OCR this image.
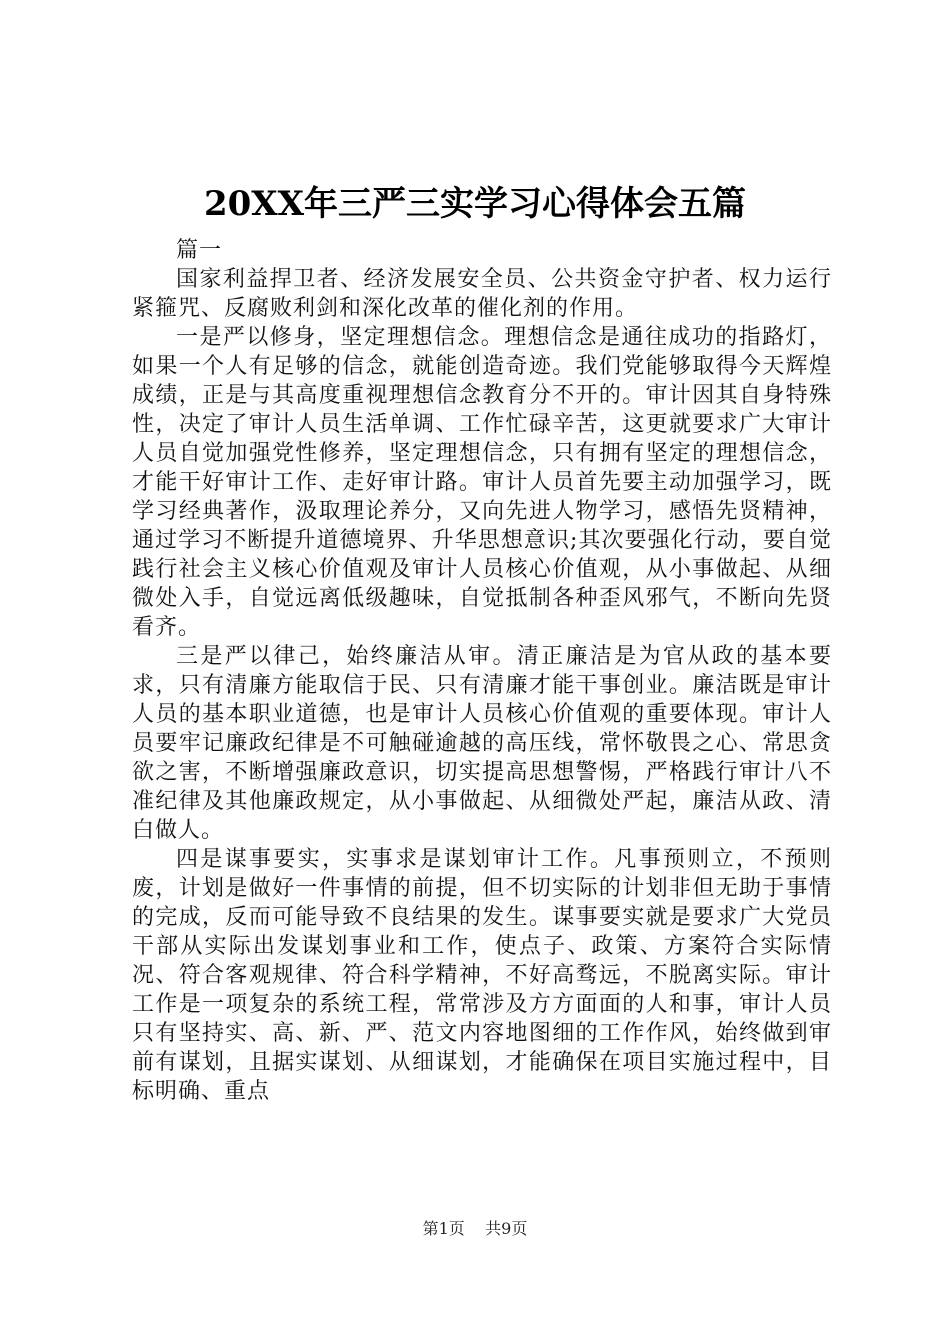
20XX年三严三实学习心得体会五篇

篇一

国家利益捍卫者、经济发展安全员、公共资金守护者、权力运行紧箍咒、反腐败利剑和深化改革的催化剂的作用。

一是严以修身，坚定理想信念。理想信念是通往成功的指路灯，如果一个人有足够的信念，就能创造奇迹。我们党能够取得今天辉煌成绩，正是与其高度重视理想信念教育分不开的。审计因其自身特殊性，决定了审计人员生活单调、工作忙碌辛苦，这更就要求广大审计人员自觉加强党性修养，坚定理想信念，只有拥有坚定的理想信念，才能干好审计工作、走好审计路。审计人员首先要主动加强学习，既学习经典著作，汲取理论养分，又向先进人物学习，感悟先贤精神，通过学习不断提升道德境界、升华思想意识;其次要强化行动，要自觉践行社会主义核心价值观及审计人员核心价值观，从小事做起、从细微处入手，自觉远离低级趣味，自觉抵制各种歪风邪气，不断向先贤看齐。

三是严以律己，始终廉洁从审。清正廉洁是为官从政的基本要求，只有清廉方能取信于民、只有清廉才能干事创业。廉洁既是审计人员的基本职业道德，也是审计人员核心价值观的重要体现。审计人员要牢记廉政纪律是不可触碰逾越的高压线，常怀敬畏之心、常思贪欲之害，不断增强廉政意识，切实提高思想警惕，严格践行审计八不准纪律及其他廉政规定，从小事做起、从细微处严起，廉洁从政、清白做人。

四是谋事要实，实事求是谋划审计工作。凡事预则立，不预则废，计划是做好一件事情的前提，但不切实际的计划非但无助于事情的完成，反而可能导致不良结果的发生。谋事要实就是要求广大党员干部从实际出发谋划事业和工作，使点子、政策、方案符合实际情况、符合客观规律、符合科学精神，不好高骛远，不脱离实际。审计工作是一项复杂的系统工程，常常涉及方方面面的人和事，审计人员只有坚持实、高、新、严、范文内容地图细的工作作风，始终做到审前有谋划，且据实谋划、从细谋划，才能确保在项目实施过程中，目标明确、重点

第1页 共9页
